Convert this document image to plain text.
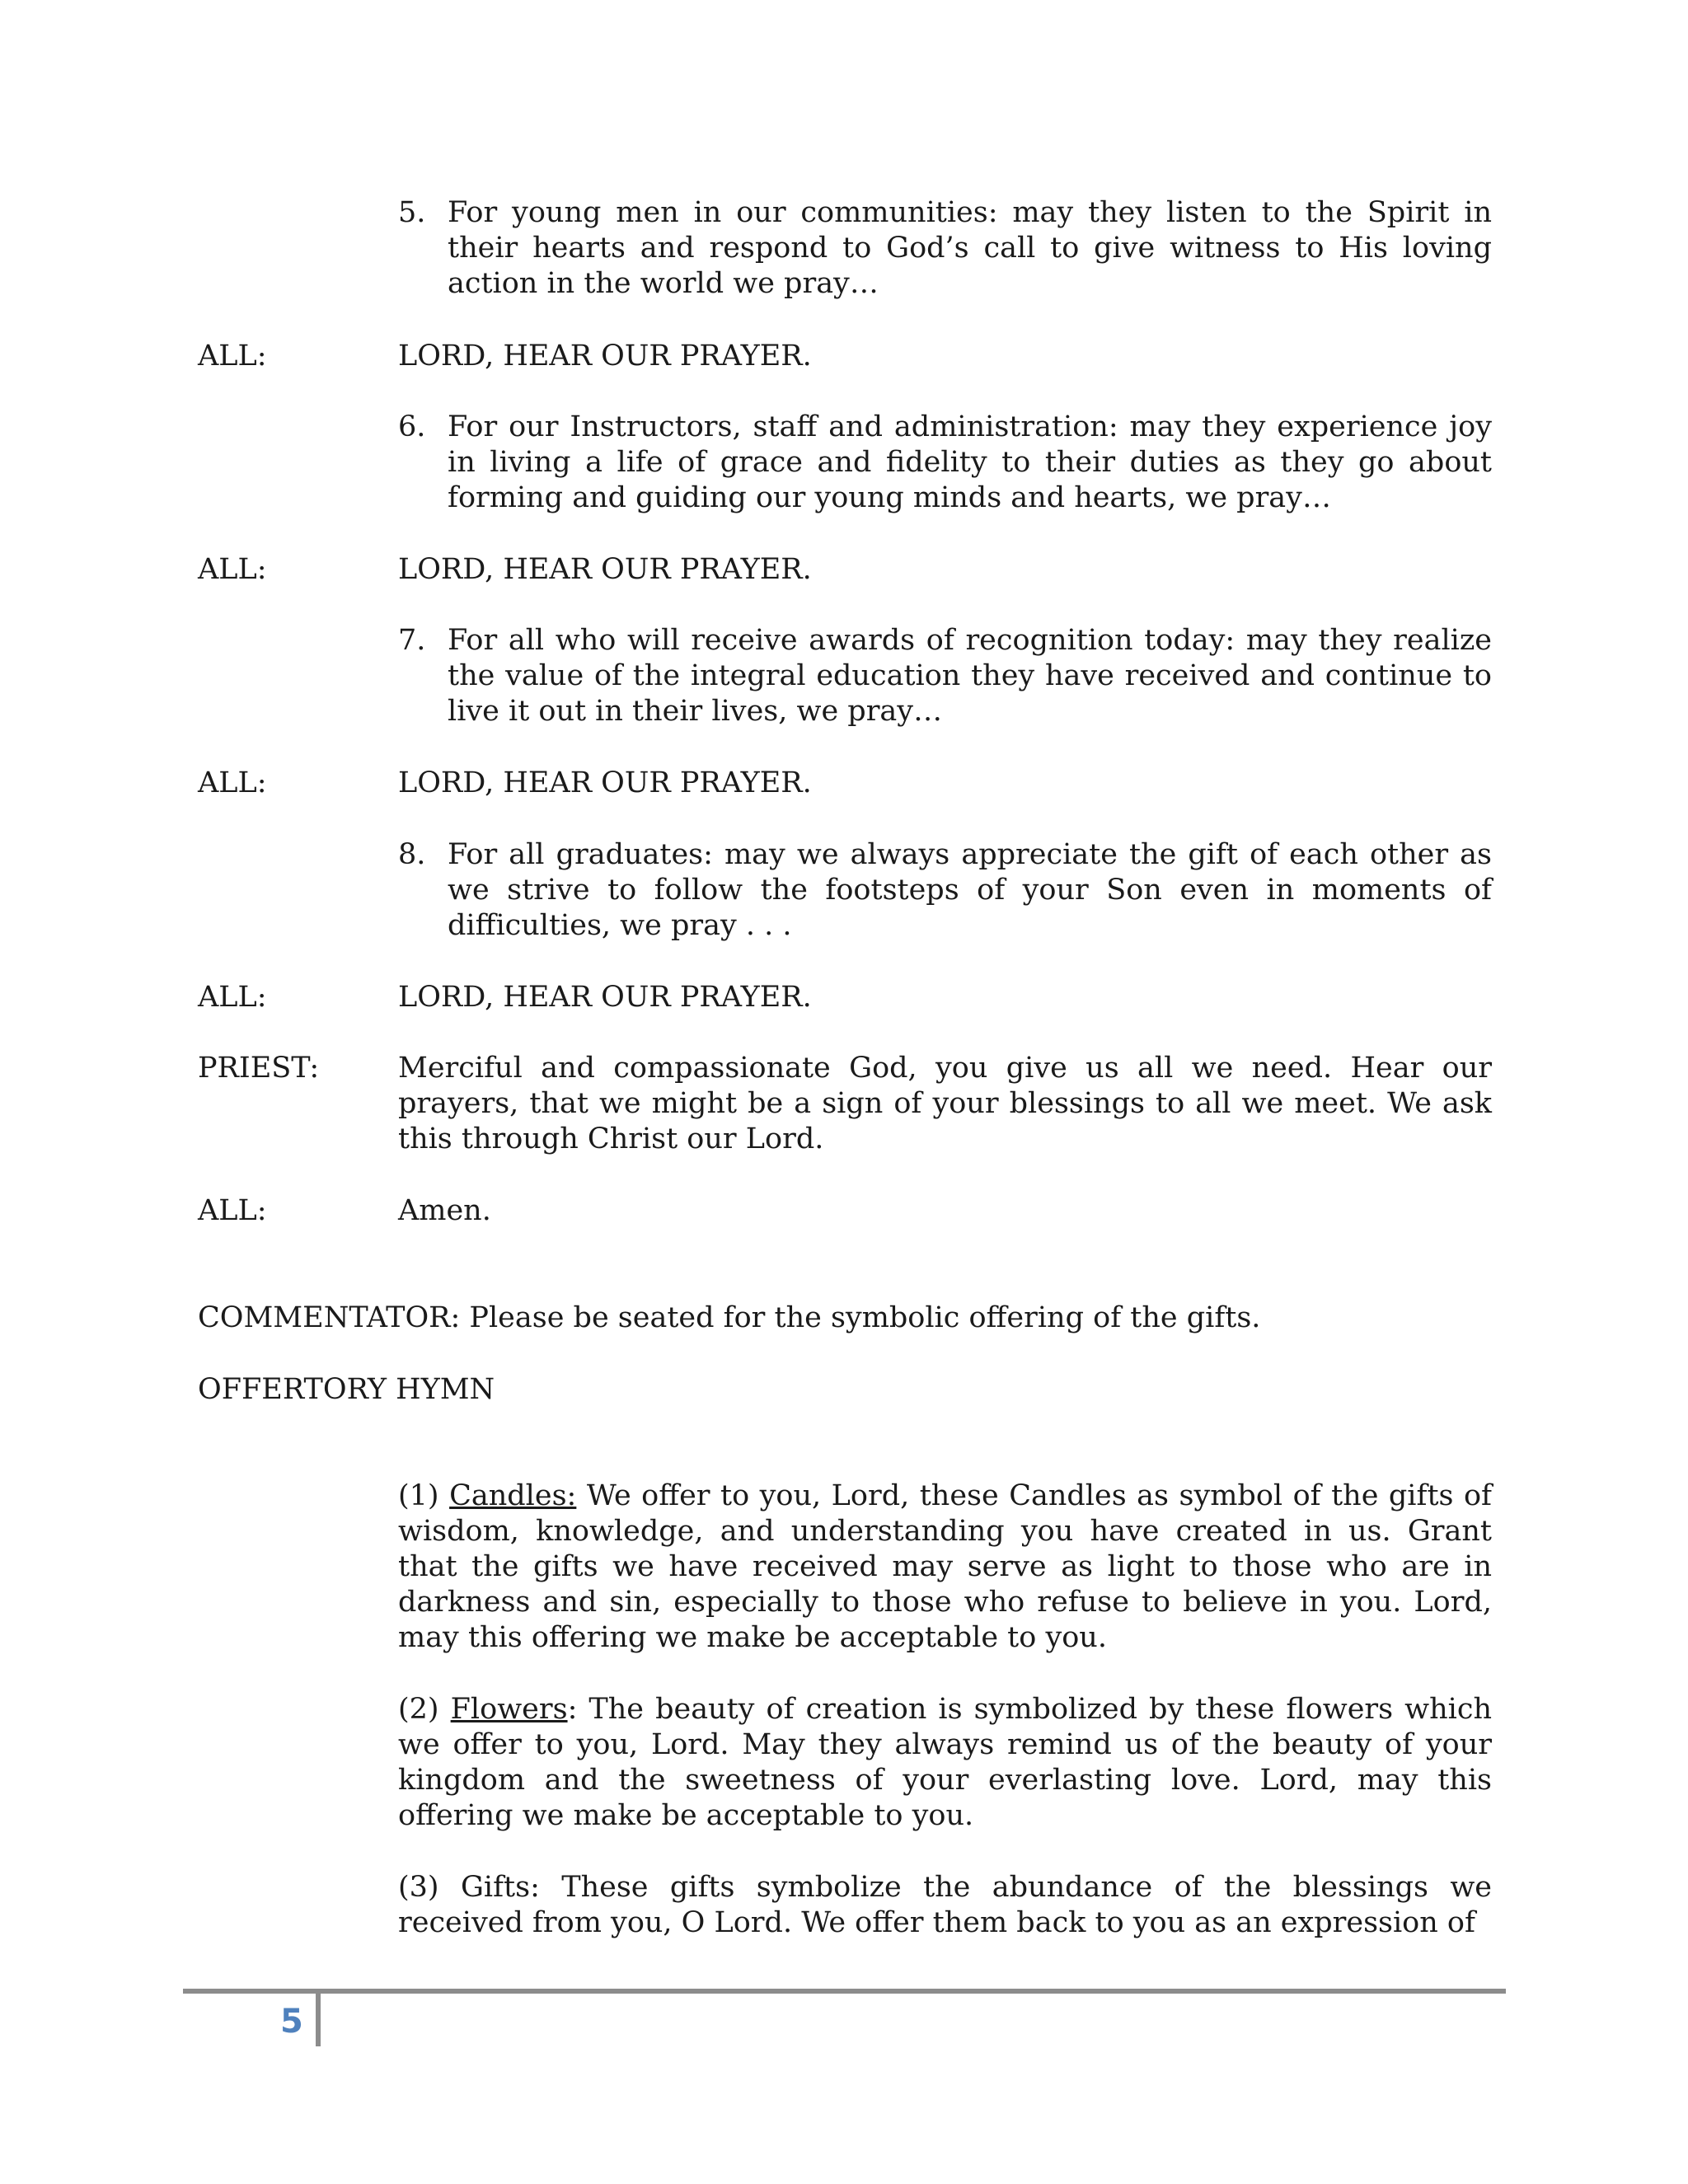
5. For young men in our communities: may they listen to the Spirit in their hearts and respond to God’s call to give witness to His loving action in the world we pray…
ALL:	LORD, HEAR OUR PRAYER.
6. For our Instructors, staff and administration: may they experience joy in living a life of grace and fidelity to their duties as they go about forming and guiding our young minds and hearts, we pray…
ALL:	LORD, HEAR OUR PRAYER.
7. For all who will receive awards of recognition today: may they realize the value of the integral education they have received and continue to live it out in their lives, we pray…
ALL:	LORD, HEAR OUR PRAYER.
8. For all graduates: may we always appreciate the gift of each other as we strive to follow the footsteps of your Son even in moments of difficulties, we pray . . .
ALL:	LORD, HEAR OUR PRAYER.
PRIEST:	Merciful and compassionate God, you give us all we need. Hear our prayers, that we might be a sign of your blessings to all we meet. We ask this through Christ our Lord.
ALL:	Amen.
COMMENTATOR: Please be seated for the symbolic offering of the gifts.
OFFERTORY HYMN
(1) Candles: We offer to you, Lord, these Candles as symbol of the gifts of wisdom, knowledge, and understanding you have created in us. Grant that the gifts we have received may serve as light to those who are in darkness and sin, especially to those who refuse to believe in you. Lord, may this offering we make be acceptable to you.
(2) Flowers: The beauty of creation is symbolized by these flowers which we offer to you, Lord. May they always remind us of the beauty of your kingdom and the sweetness of your everlasting love. Lord, may this offering we make be acceptable to you.
(3) Gifts: These gifts symbolize the abundance of the blessings we received from you, O Lord. We offer them back to you as an expression of
5
